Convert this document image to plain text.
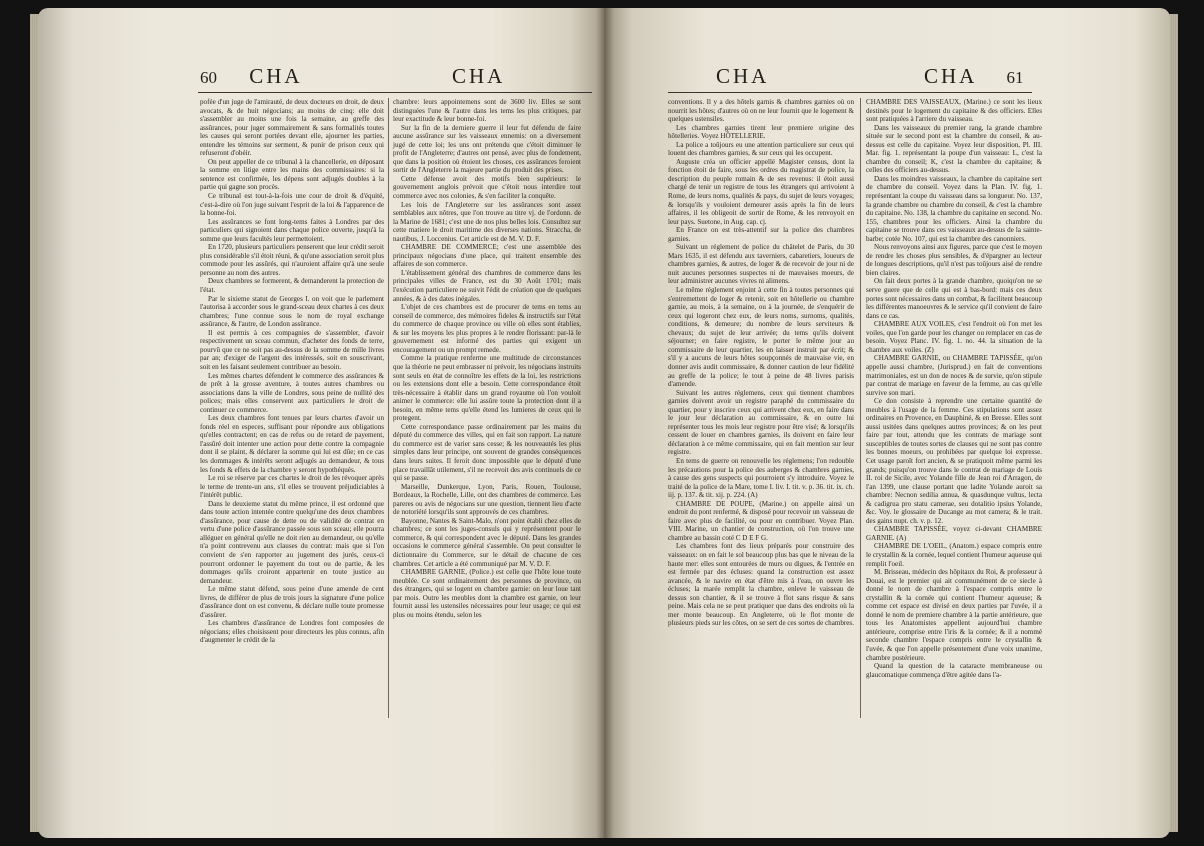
60 CHA	CHA

pofée d'un juge de l'amirauté, de deux docteurs en droit, de deux avocats, & de huit négocians; au moins de cinq: elle doit s'assembler au moins une fois la semaine, au greffe des assûrances, pour juger sommairement & sans formalités toutes les causes qui seront portées devant elle, ajourner les parties, entendre les témoins sur serment, & punir de prison ceux qui refuseront d'obéir.

On peut appeller de ce tribunal à la chancellerie, en déposant la somme en litige entre les mains des commissaires: si la sentence est confirmée, les dépens sont adjugés doubles à la partie qui gagne son procès.

Ce tribunal est tout-à-la-fois une cour de droit & d'équité, c'est-à-dire où l'on juge suivant l'esprit de la loi & l'apparence de la bonne-foi.

Les assûrances se font long-tems faites à Londres par des particuliers qui signoient dans chaque police ouverte, jusqu'à la somme que leurs facultés leur permettoient.

En 1720, plusieurs particuliers penserent que leur crédit seroit plus considérable s'il étoit réuni, & qu'une association seroit plus commode pour les assûrés, qui n'auroient affaire qu'à une seule personne au nom des autres.

Deux chambres se formerent, & demanderent la protection de l'état.

Par le sixieme statut de Georges I. on voit que le parlement l'autorisa à accorder sous le grand-sceau deux chartes à ces deux chambres; l'une connue sous le nom de royal exchange assûrance, & l'autre, de London assûrance.

Il est permis à ces compagnies de s'assembler, d'avoir respectivement un sceau commun, d'acheter des fonds de terre, pourvû que ce ne soit pas au-dessus de la somme de mille livres par an; d'exiger de l'argent des intéressés, soit en souscrivant, soit en les faisant seulement contribuer au besoin.

Les mêmes chartes défendent le commerce des assûrances & de prêt à la grosse aventure, à toutes autres chambres ou associations dans la ville de Londres, sous peine de nullité des polices; mais elles conservent aux particuliers le droit de continuer ce commerce.

Les deux chambres font tenues par leurs chartes d'avoir un fonds réel en especes, suffisant pour répondre aux obligations qu'elles contractent; en cas de refus ou de retard de payement, l'assûré doit intenter une action pour dette contre la compagnie dont il se plaint, & déclarer la somme qui lui est dûe; en ce cas les dommages & intérêts seront adjugés au demandeur, & tous les fonds & effets de la chambre y seront hypothéqués.

Le roi se réserve par ces chartes le droit de les révoquer après le terme de trente-un ans, s'il elles se trouvent préjudiciables à l'intérêt public.

Dans le deuxieme statut du même prince, il est ordonné que dans toute action intentée contre quelqu'une des deux chambres d'assûrance, pour cause de dette ou de validité de contrat en vertu d'une police d'assûrance passée sous son sceau; elle pourra alléguer en général qu'elle ne doit rien au demandeur, ou qu'elle n'a point contrevenu aux clauses du contrat: mais que si l'on convient de s'en rapporter au jugement des jurés, ceux-ci pourront ordonner le payement du tout ou de partie, & les dommages qu'ils croiront appartenir en toute justice au demandeur.

Le même statut défend, sous peine d'une amende de cent livres, de différer de plus de trois jours la signature d'une police d'assûrance dont on est convenu, & déclare nulle toute promesse d'assûrer.

Les chambres d'assûrance de Londres font composées de négocians; elles choisissent pour directeurs les plus connus, afin d'augmenter le crédit de la

chambre: leurs appointemens sont de 3600 liv. Elles se sont distinguées l'une & l'autre dans les tems les plus critiques, par leur exactitude & leur bonne-foi.

Sur la fin de la derniere guerre il leur fut défendu de faire aucune assûrance sur les vaisseaux ennemis: on a diversement jugé de cette loi; les uns ont prétendu que c'étoit diminuer le profit de l'Angleterre; d'autres ont pensé, avec plus de fondement, que dans la position où étoient les choses, ces assûrances feroient sortir de l'Angleterre la majeure partie du produit des prises.

Cette défense avoit des motifs bien supérieurs: le gouvernement anglois prévoit que c'étoit nous interdire tout commerce avec nos colonies, & s'en faciliter la conquête.

Les lois de l'Angleterre sur les assûrances sont assez semblables aux nôtres, que l'on trouve au titre vj. de l'ordonn. de la Marine de 1681; c'est une de nos plus belles lois. Consultez sur cette matiere le droit maritime des diverses nations. Straccha, de nautibus, J. Loccenius. Cet article est de M. V. D. F.

CHAMBRE DE COMMERCE; c'est une assemblée des principaux négocians d'une place, qui traitent ensemble des affaires de son commerce.

L'établissement général des chambres de commerce dans les principales villes de France, est du 30 Août 1701; mais l'exécution particuliere ne suivit l'édit de création que de quelques années, & à des dates inégales.

L'objet de ces chambres est de procurer de tems en tems au conseil de commerce, des mémoires fideles & instructifs sur l'état du commerce de chaque province ou ville où elles sont établies, & sur les moyens les plus propres à le rendre florissant: par-là le gouvernement est informé des parties qui exigent un encouragement ou un prompt remede.

Comme la pratique renferme une multitude de circonstances que la théorie ne peut embrasser ni prévoir, les négocians instruits sont seuls en état de connoître les effets de la loi, les restrictions ou les extensions dont elle a besoin. Cette correspondance étoit très-nécessaire à établir dans un grand royaume où l'on vouloit animer le commerce: elle lui assûre toute la protection dont il a besoin, en même tems qu'elle étend les lumieres de ceux qui le protegent.

Cette correspondance passe ordinairement par les mains du député du commerce des villes, qui en fait son rapport. La nature du commerce est de varier sans cesse; & les nouveautés les plus simples dans leur principe, ont souvent de grandes conséquences dans leurs suites. Il feroit donc impossible que le député d'une place travaillât utilement, s'il ne recevoit des avis continuels de ce qui se passe.

Marseille, Dunkerque, Lyon, Paris, Rouen, Toulouse, Bordeaux, la Rochelle, Lille, ont des chambres de commerce. Les pareres ou avis de négocians sur une question, tiennent lieu d'acte de notoriété lorsqu'ils sont approuvés de ces chambres.

Bayonne, Nantes & Saint-Malo, n'ont point établi chez elles de chambres; ce sont les juges-consuls qui y représentent pour le commerce, & qui correspondent avec le député. Dans les grandes occasions le commerce général s'assemble. On peut consulter le dictionnaire du Commerce, sur le détail de chacune de ces chambres. Cet article a été communiqué par M. V. D. F.

CHAMBRE GARNIE, (Police.) est celle que l'hôte loue toute meublée. Ce sont ordinairement des personnes de province, ou des étrangers, qui se logent en chambre garnie: on leur loue tant par mois. Outre les meubles dont la chambre est garnie, on leur fournit aussi les ustensiles nécessaires pour leur usage; ce qui est plus ou moins étendu, selon les

CHA	CHA 61

conventions. Il y a des hôtels garnis & chambres garnies où on nourrit les hôtes; d'autres où on ne leur fournit que le logement & quelques ustensiles.

Les chambres garnies tirent leur premiere origine des hôtelleries. Voyez HÔTELLERIE.

La police a toûjours eu une attention particuliere sur ceux qui louent des chambres garnies, & sur ceux qui les occupent.

Auguste créa un officier appellé Magister census, dont la fonction étoit de faire, sous les ordres du magistrat de police, la description du peuple romain & de ses revenus: il étoit aussi chargé de tenir un registre de tous les étrangers qui arrivoient à Rome, de leurs noms, qualités & pays, du sujet de leurs voyages; & lorsqu'ils y vouloient demeurer assis après la fin de leurs affaires, il les obligeoit de sortir de Rome, & les renvoyoit en leur pays. Suetone, in Aug. cap. cj.

En France on est très-attentif sur la police des chambres garnies.

Suivant un réglement de police du châtelet de Paris, du 30 Mars 1635, il est défendu aux taverniers, cabaretiers, loueurs de chambres garnies, & autres, de loger & de recevoir de jour ni de nuit aucunes personnes suspectes ni de mauvaises moeurs, de leur administrer aucunes vivres ni alimens.

Le même réglement enjoint à cette fin à toutes personnes qui s'entremettent de loger & retenir, soit en hôtellerie ou chambre garnie, au mois, à la semaine, ou à la journée, de s'enquérir de ceux qui logeront chez eux, de leurs noms, surnoms, qualités, conditions, & demeure; du nombre de leurs serviteurs & chevaux; du sujet de leur arrivée; du tems qu'ils doivent séjourner; en faire registre, le porter le même jour au commissaire de leur quartier, les en laisser instruit par écrit; & s'il y a aucuns de leurs hôtes soupçonnés de mauvaise vie, en donner avis audit commissaire, & donner caution de leur fidélité au greffe de la police; le tout à peine de 48 livres parisis d'amende.

Suivant les autres réglemens, ceux qui tiennent chambres garnies doivent avoir un registre paraphé du commissaire du quartier, pour y inscrire ceux qui arrivent chez eux, en faire dans le jour leur déclaration au commissaire, & en outre lui représenter tous les mois leur registre pour être visé; & lorsqu'ils cessent de louer en chambres garnies, ils doivent en faire leur déclaration à ce même commissaire, qui en fait mention sur leur registre.

En tems de guerre on renouvelle les réglemens; l'on redouble les précautions pour la police des auberges & chambres garnies, à cause des gens suspects qui pourroient s'y introduire. Voyez le traité de la police de la Mare, tome I. liv. I. tit. v. p. 36. tit. ix. ch. iij. p. 137. & tit. xij. p. 224. (A)

CHAMBRE DE POUPE, (Marine.) on appelle ainsi un endroit du pont renfermé, & disposé pour recevoir un vaisseau de faire avec plus de facilité, ou pour en contribuer. Voyez Plan. VIII. Marine, un chantier de construction, où l'on trouve une chambre au bassin coté C D E F G.

Les chambres font des lieux préparés pour construire des vaisseaux: on en fait le sol beaucoup plus bas que le niveau de la haute mer: elles sont entourées de murs ou digues, & l'entrée en est fermée par des écluses: quand la construction est assez avancée, & le navire en état d'être mis à l'eau, on ouvre les écluses; la marée remplit la chambre, enleve le vaisseau de dessus son chantier, & il se trouve à flot sans risque & sans peine. Mais cela ne se peut pratiquer que dans des endroits où la mer monte beaucoup. En Angleterre, où le flot monte de plusieurs pieds sur les côtes, on se sert de ces sortes de chambres.

CHAMBRE DES VAISSEAUX, (Marine.) ce sont les lieux destinés pour le logement du capitaine & des officiers. Elles sont pratiquées à l'arriere du vaisseau.

Dans les vaisseaux du premier rang, la grande chambre située sur le second pont est la chambre du conseil, & au-dessus est celle du capitaine. Voyez leur disposition, Pl. III. Mar. fig. 1. représentant la poupe d'un vaisseau: L, c'est la chambre du conseil; K, c'est la chambre du capitaine; & celles des officiers au-dessus.

Dans les moindres vaisseaux, la chambre du capitaine sert de chambre du conseil. Voyez dans la Plan. IV. fig. 1. représentant la coupe du vaisseau dans sa longueur. No. 137, la grande chambre ou chambre du conseil, & c'est la chambre du capitaine. No. 138, la chambre du capitaine en second. No. 155, chambres pour les officiers. Ainsi la chambre du capitaine se trouve dans ces vaisseaux au-dessus de la sainte-barbe; cotée No. 107, qui est la chambre des canonniers.

Nous renvoyons ainsi aux figures, parce que c'est le moyen de rendre les choses plus sensibles, & d'épargner au lecteur de longues descriptions, qu'il n'est pas toûjours aisé de rendre bien claires.

On fait deux portes à la grande chambre, quoiqu'on ne se serve guere que de celle qui est à bas-bord: mais ces deux portes sont nécessaires dans un combat, & facilitent beaucoup les différentes manoeuvres & le service qu'il convient de faire dans ce cas.

CHAMBRE AUX VOILES, c'est l'endroit où l'on met les voiles, que l'on garde pour les changer ou remplacer en cas de besoin. Voyez Planc. IV. fig. 1. no. 44. la situation de la chambre aux voiles. (Z)

CHAMBRE GARNIE, ou CHAMBRE TAPISSÉE, qu'on appelle aussi chambre, (Jurisprud.) en fait de conventions matrimoniales, est un don de noces & de survie, qu'on stipule par contrat de mariage en faveur de la femme, au cas qu'elle survive son mari.

Ce don consiste à reprendre une certaine quantité de meubles à l'usage de la femme. Ces stipulations sont assez ordinaires en Provence, en Dauphiné, & en Bresse. Elles sont aussi usitées dans quelques autres provinces; & on les peut faire par tout, attendu que les contrats de mariage sont susceptibles de toutes sortes de clauses qui ne sont pas contre les bonnes moeurs, ou prohibées par quelque loi expresse. Cet usage paroît fort ancien, & se pratiquoit même parmi les grands; puisqu'on trouve dans le contrat de mariage de Louis II. roi de Sicile, avec Yolande fille de Jean roi d'Arragon, de l'an 1399, une clause portant que ladite Yolande auroit sa chambre: Necnon sedilia annua, & quasdunque vultus, lecta & cadigrua pro statu camerae, seu dotalitio ipsius Yolande, &c. Voy. le glossaire de Ducange au mot camera; & le trait. des gains nupt. ch. v. p. 12.

CHAMBRE TAPISSÉE, voyez ci-devant CHAMBRE GARNIE. (A)

CHAMBRE DE L'OEIL, (Anatom.) espace compris entre le crystallin & la cornée, lequel contient l'humeur aqueuse qui remplit l'oeil.

M. Brisseau, médecin des hôpitaux du Roi, & professeur à Douai, est le premier qui ait communément de ce siecle à donné le nom de chambre à l'espace compris entre le crystallin & la cornée qui contient l'humeur aqueuse; & comme cet espace est divisé en deux parties par l'uvée, il a donné le nom de premiere chambre à la partie antérieure, que tous les Anatomistes appellent aujourd'hui chambre antérieure, comprise entre l'iris & la cornée; & il a nommé seconde chambre l'espace compris entre le crystallin & l'uvée, & que l'on appelle présentement d'une voix unanime, chambre postérieure.

Quand la question de la cataracte membraneuse ou glaucomatique commença d'être agitée dans l'a-
